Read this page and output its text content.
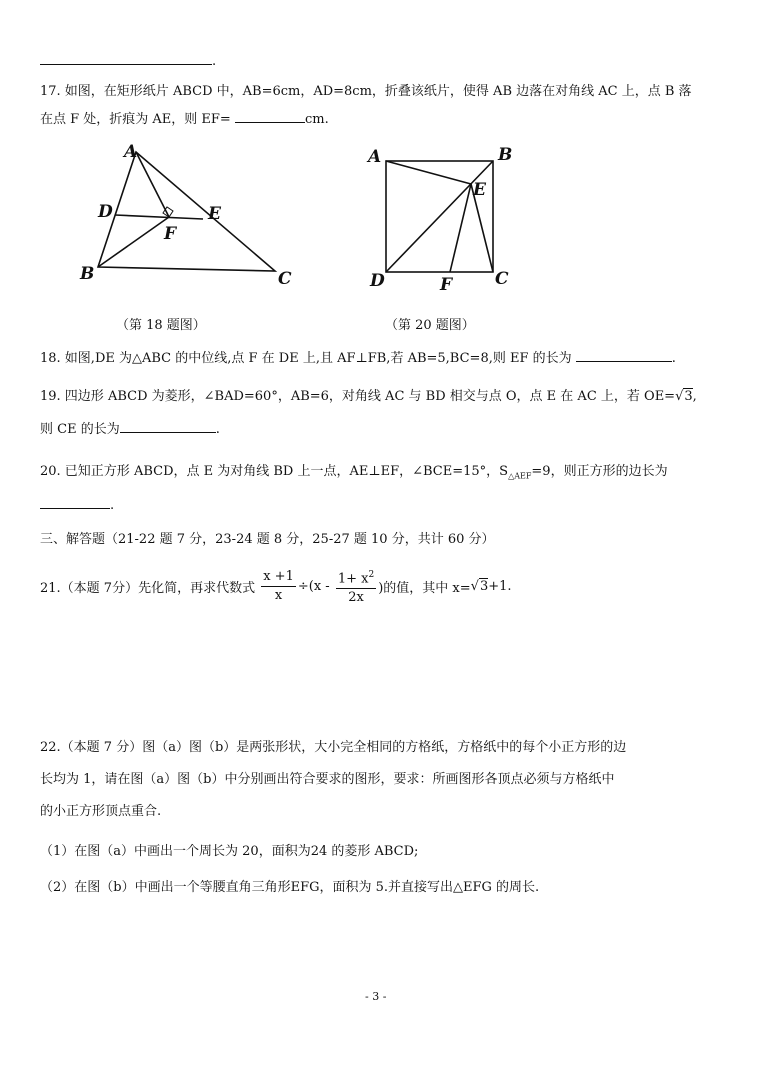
.
17. 如图，在矩形纸片 ABCD 中，AB=6cm，AD=8cm，折叠该纸片，使得 AB 边落在对角线 AC 上，点 B 落
在点 F 处，折痕为 AE，则 EF=	cm.
A
B	C
D	E
F
（第 18 题图）
A	B
C
D
E
F
（第 20 题图）
18. 如图,DE 为△ABC 的中位线,点 F 在 DE 上,且 AF⊥FB,若 AB=5,BC=8,则 EF 的长为	.
19. 四边形 ABCD 为菱形，∠BAD=60°，AB=6，对角线 AC 与 BD 相交与点 O，点 E 在 AC 上，若 OE=√3,
则 CE 的长为	.
20. 已知正方形 ABCD，点 E 为对角线 BD 上一点，AE⊥EF，∠BCE=15°，$S_{\triangle AEF}=9$，则正方形的边长为
.
三、解答题（21-22 题 7 分，23-24 题 8 分，25-27 题 10 分，共计 60 分）
21.（本题 7分）先化简，再求代数式 $\frac{x +1}{x} \div(x - \frac{1+ x^2}{2x}$ )的值，其中 x=√3+1.
22.（本题 7 分）图（a）图（b）是两张形状，大小完全相同的方格纸，方格纸中的每个小正方形的边
长均为 1，请在图（a）图（b）中分别画出符合要求的图形，要求：所画图形各顶点必须与方格纸中
的小正方形顶点重合.
（1）在图（a）中画出一个周长为 20，面积为24 的菱形 ABCD;
（2）在图（b）中画出一个等腰直角三角形EFG，面积为 5.并直接写出△EFG 的周长.
- 3 -
